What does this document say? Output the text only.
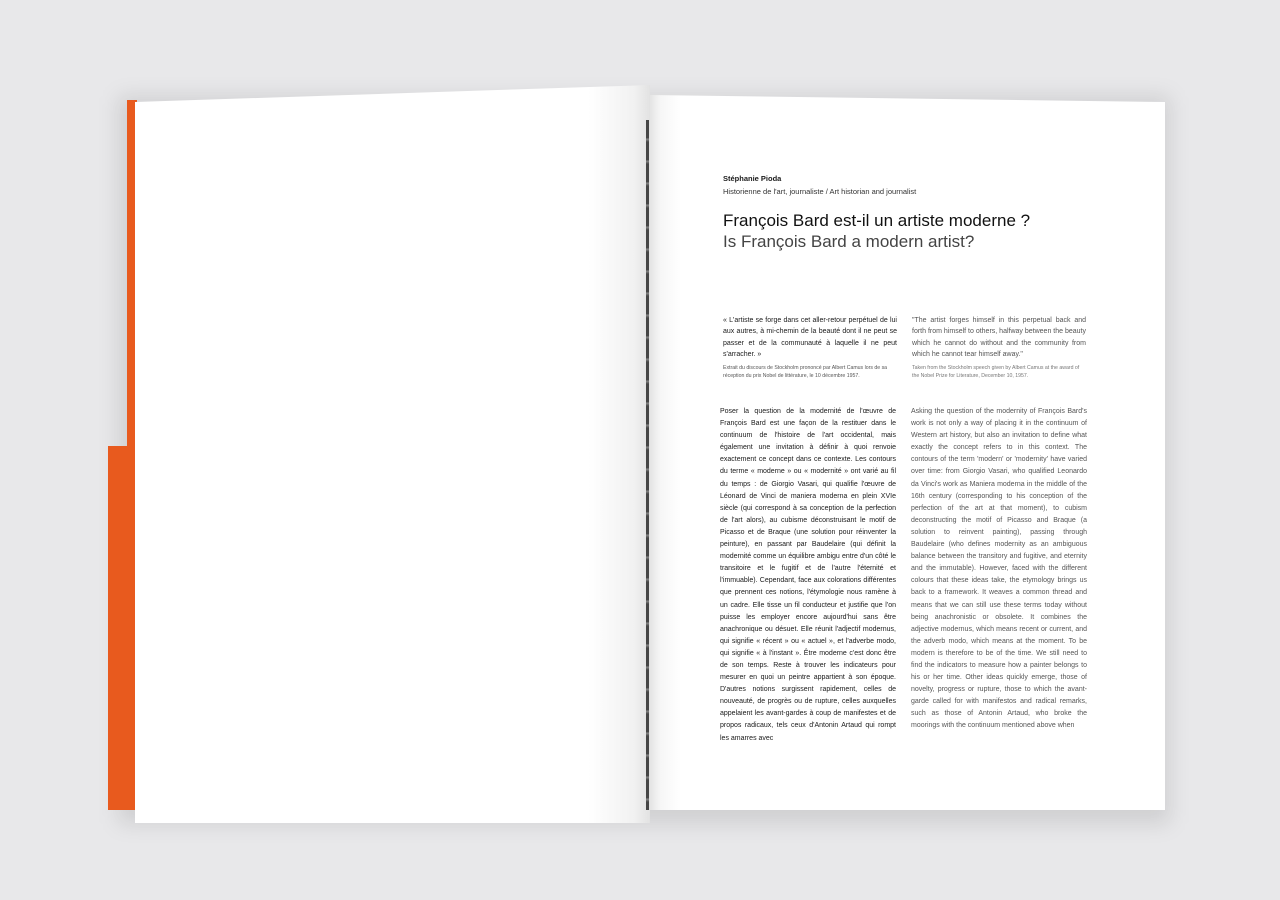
Stéphanie Pioda
Historienne de l'art, journaliste / Art historian and journalist
François Bard est-il un artiste moderne ?
Is François Bard a modern artist?
« L'artiste se forge dans cet aller-retour perpétuel de lui aux autres, à mi-chemin de la beauté dont il ne peut se passer et de la communauté à laquelle il ne peut s'arracher. »
Extrait du discours de Stockholm prononcé par Albert Camus lors de sa réception du prix Nobel de littérature, le 10 décembre 1957.
"The artist forges himself in this perpetual back and forth from himself to others, halfway between the beauty which he cannot do without and the community from which he cannot tear himself away."
Taken from the Stockholm speech given by Albert Camus at the award of the Nobel Prize for Literature, December 10, 1957.
Poser la question de la modernité de l'œuvre de François Bard est une façon de la restituer dans le continuum de l'histoire de l'art occidental, mais également une invitation à définir à quoi renvoie exactement ce concept dans ce contexte. Les contours du terme « moderne » ou « modernité » ont varié au fil du temps : de Giorgio Vasari, qui qualifie l'œuvre de Léonard de Vinci de maniera moderna en plein XVIe siècle (qui correspond à sa conception de la perfection de l'art alors), au cubisme déconstruisant le motif de Picasso et de Braque (une solution pour réinventer la peinture), en passant par Baudelaire (qui définit la modernité comme un équilibre ambigu entre d'un côté le transitoire et le fugitif et de l'autre l'éternité et l'immuable). Cependant, face aux colorations différentes que prennent ces notions, l'étymologie nous ramène à un cadre. Elle tisse un fil conducteur et justifie que l'on puisse les employer encore aujourd'hui sans être anachronique ou désuet. Elle réunit l'adjectif modernus, qui signifie « récent » ou « actuel », et l'adverbe modo, qui signifie « à l'instant ». Être moderne c'est donc être de son temps. Reste à trouver les indicateurs pour mesurer en quoi un peintre appartient à son époque. D'autres notions surgissent rapidement, celles de nouveauté, de progrès ou de rupture, celles auxquelles appelaient les avant-gardes à coup de manifestes et de propos radicaux, tels ceux d'Antonin Artaud qui rompt les amarres avec
Asking the question of the modernity of François Bard's work is not only a way of placing it in the continuum of Western art history, but also an invitation to define what exactly the concept refers to in this context. The contours of the term 'modern' or 'modernity' have varied over time: from Giorgio Vasari, who qualified Leonardo da Vinci's work as Maniera moderna in the middle of the 16th century (corresponding to his conception of the perfection of the art at that moment), to cubism deconstructing the motif of Picasso and Braque (a solution to reinvent painting), passing through Baudelaire (who defines modernity as an ambiguous balance between the transitory and fugitive, and eternity and the immutable). However, faced with the different colours that these ideas take, the etymology brings us back to a framework. It weaves a common thread and means that we can still use these terms today without being anachronistic or obsolete. It combines the adjective modernus, which means recent or current, and the adverb modo, which means at the moment. To be modern is therefore to be of the time. We still need to find the indicators to measure how a painter belongs to his or her time. Other ideas quickly emerge, those of novelty, progress or rupture, those to which the avant-garde called for with manifestos and radical remarks, such as those of Antonin Artaud, who broke the moorings with the continuum mentioned above when
